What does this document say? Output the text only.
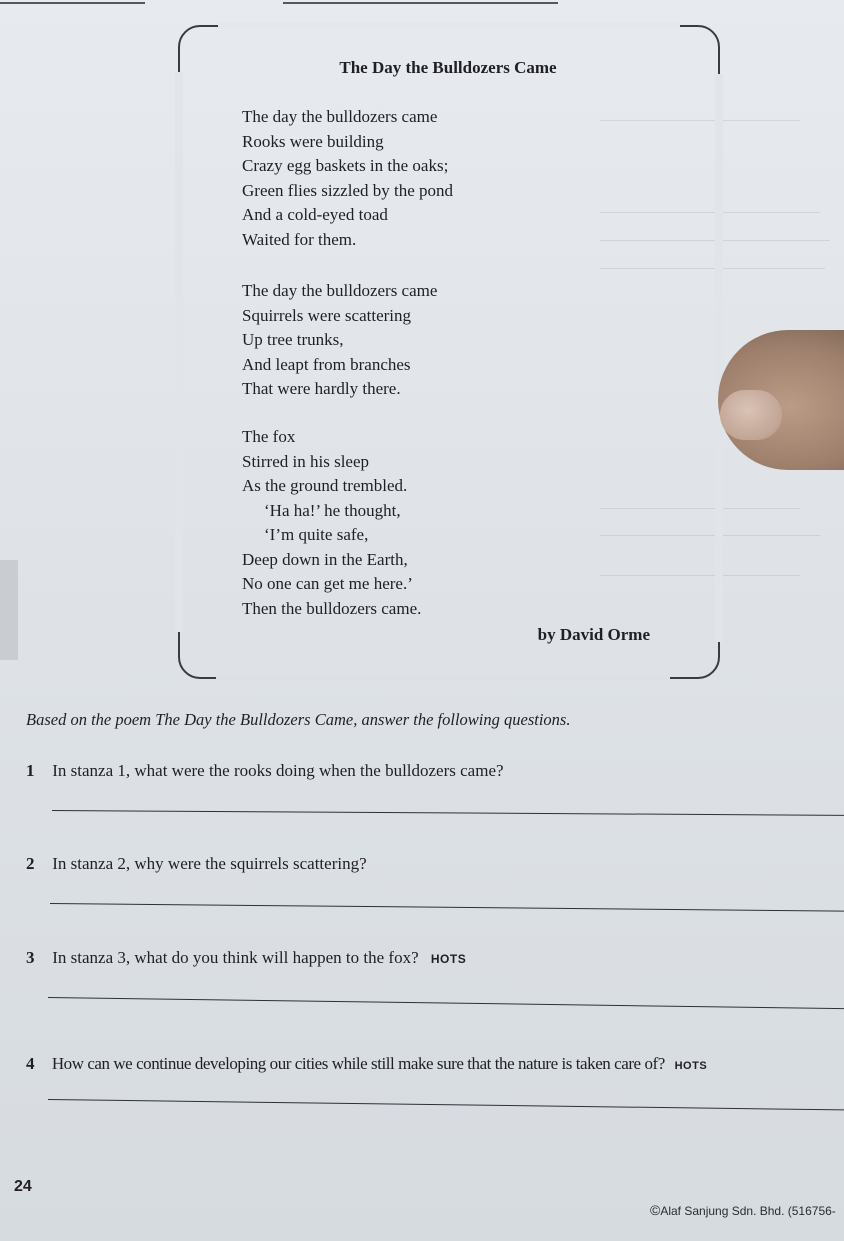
The Day the Bulldozers Came
The day the bulldozers came
Rooks were building
Crazy egg baskets in the oaks;
Green flies sizzled by the pond
And a cold-eyed toad
Waited for them.
The day the bulldozers came
Squirrels were scattering
Up tree trunks,
And leapt from branches
That were hardly there.
The fox
Stirred in his sleep
As the ground trembled.
‘Ha ha!’ he thought,
‘I’m quite safe,
Deep down in the Earth,
No one can get me here.’
Then the bulldozers came.
by David Orme
Based on the poem The Day the Bulldozers Came, answer the following questions.
1 In stanza 1, what were the rooks doing when the bulldozers came?
2 In stanza 2, why were the squirrels scattering?
3 In stanza 3, what do you think will happen to the fox? HOTS
4 How can we continue developing our cities while still make sure that the nature is taken care of? HOTS
24
©Alaf Sanjung Sdn. Bhd. (516756-
